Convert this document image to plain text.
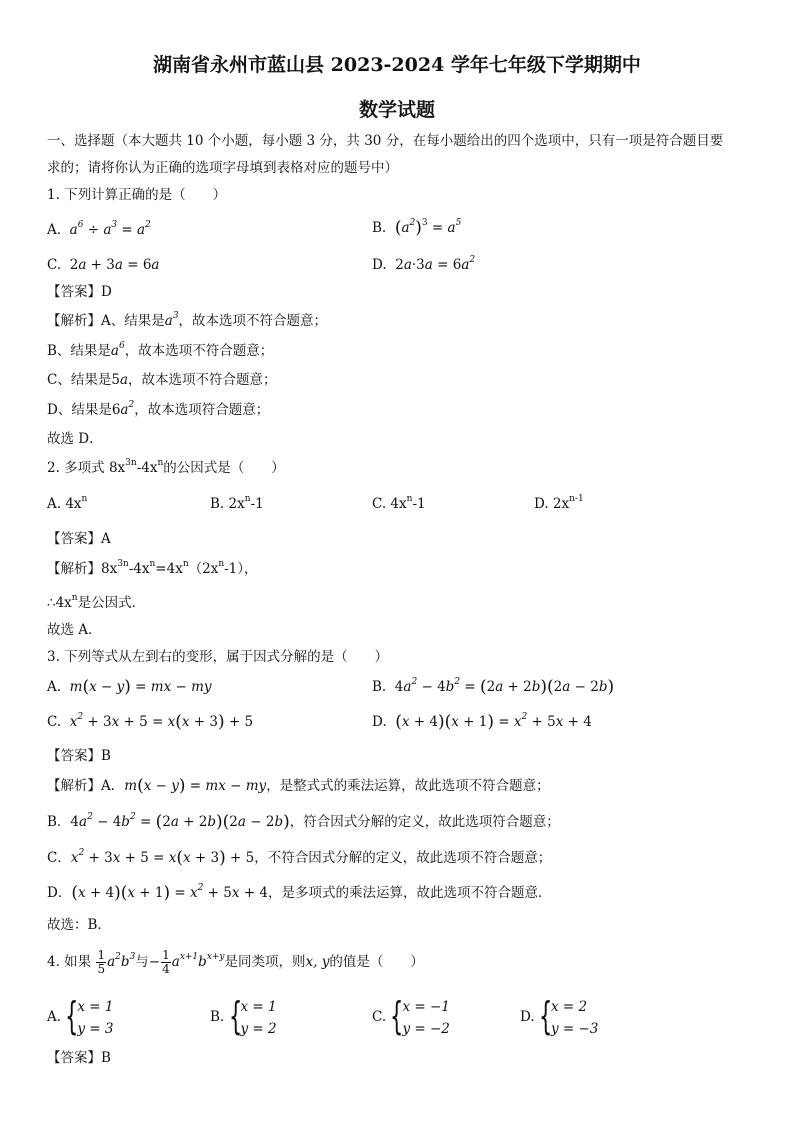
湖南省永州市蓝山县 2023-2024 学年七年级下学期期中
数学试题
一、选择题（本大题共 10 个小题，每小题 3 分，共 30 分，在每小题给出的四个选项中，只有一项是符合题目要
求的；请将你认为正确的选项字母填到表格对应的题号中）
1. 下列计算正确的是（　　）
A. $a^6 \div a^3 = a^2$	B. $(a^2)^3 = a^5$
C.  2a + 3a = 6a	D.  $2a\cdot 3a = 6a^2$
【答案】D
【解析】A、结果是$a^3$，故本选项不符合题意；
B、结果是$a^6$，故本选项不符合题意；
C、结果是5a，故本选项不符合题意；
D、结果是$6a^2$，故本选项符合题意；
故选 D．
2. 多项式 $8x^{3n}-4x^n$的公因式是（　　）
A. $4x^n$	B. $2x^n-1$	C. $4x^n-1$	D. $2x^{n-1}$
【答案】A
【解析】$8x^{3n}-4x^n=4x^n(2x^n-1)$，
$\therefore 4x^n$是公因式．
故选 A．
3. 下列等式从左到右的变形，属于因式分解的是（　　）
A.  m(x − y) = mx − my	B.  $4a^2 - 4b^2 = (2a + 2b)(2a - 2b)$
C.  $x^2 + 3x + 5 = x(x + 3) + 5$	D.  $(x + 4)(x + 1) = x^2 + 5x + 4$
【答案】B
【解析】A．m(x − y) = mx − my，是整式式的乘法运算，故此选项不符合题意；
B．$4a^2 - 4b^2 = (2a + 2b)(2a - 2b)$，符合因式分解的定义，故此选项符合题意；
C．$x^2 + 3x + 5 = x(x + 3) + 5$，不符合因式分解的定义，故此选项不符合题意；
D．$(x + 4)(x + 1) = x^2 + 5x + 4$，是多项式的乘法运算，故此选项不符合题意．
故选：B．
4. 如果 $\frac{1}{5} a^2b^3$与− $\frac{1}{4} a^{x+1}b^{x+y}$是同类项，则x, y的值是（　　）
A. {
x = 1
y = 3
B. {
x = 1
y = 2
C. {
x = −1
y = −2
D. {
x = 2
y = −3
【答案】B
